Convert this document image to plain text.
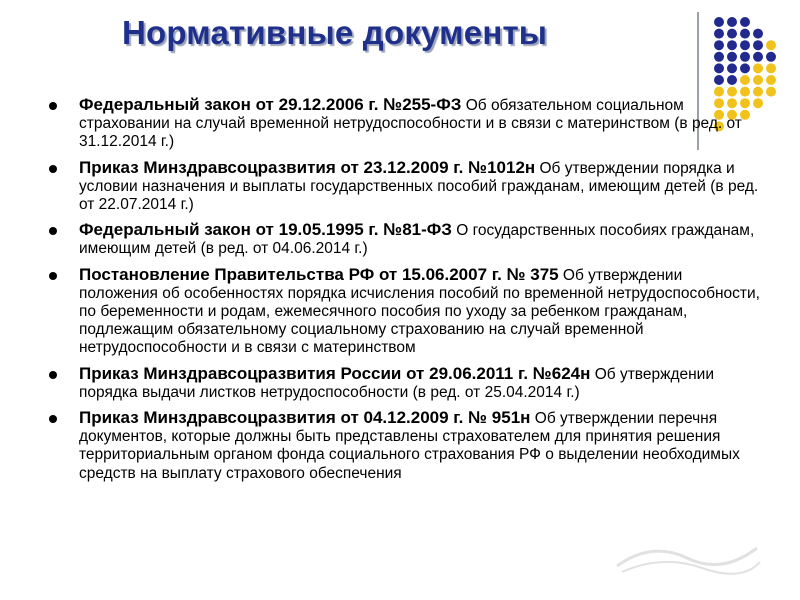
Нормативные документы
Федеральный закон от 29.12.2006 г. №255-ФЗ Об обязательном социальном страховании на случай временной нетрудоспособности и в связи с материнством (в ред. от 31.12.2014 г.)
Приказ Минздравсоцразвития от 23.12.2009 г. №1012н Об утверждении порядка и условии назначения и выплаты государственных пособий гражданам, имеющим детей (в ред. от 22.07.2014 г.)
Федеральный закон от 19.05.1995 г. №81-ФЗ О государственных пособиях гражданам, имеющим детей (в ред. от 04.06.2014 г.)
Постановление Правительства РФ от 15.06.2007 г. № 375 Об утверждении положения об особенностях порядка исчисления пособий по временной нетрудоспособности, по беременности и родам, ежемесячного пособия по уходу за ребенком гражданам, подлежащим обязательному социальному страхованию на случай временной нетрудоспособности и в связи с материнством
Приказ Минздравсоцразвития России от 29.06.2011 г. №624н Об утверждении порядка выдачи листков нетрудоспособности (в ред. от 25.04.2014 г.)
Приказ Минздравсоцразвития от 04.12.2009 г. № 951н Об утверждении перечня документов, которые должны быть представлены страхователем для принятия решения территориальным органом фонда социального страхования РФ о выделении необходимых средств на выплату страхового обеспечения
